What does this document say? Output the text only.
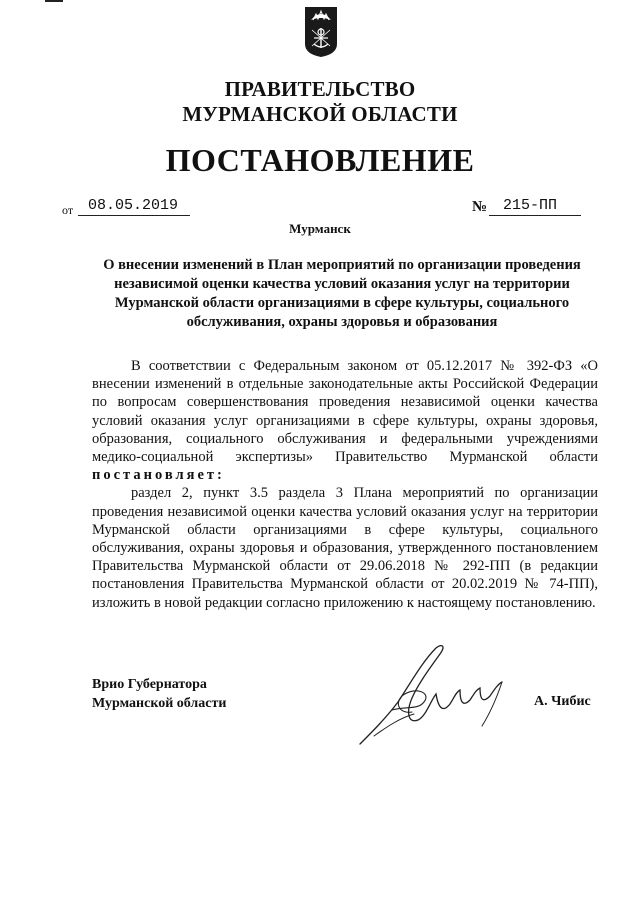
ПРАВИТЕЛЬСТВО
МУРМАНСКОЙ ОБЛАСТИ
ПОСТАНОВЛЕНИЕ
от 08.05.2019	№	215-ПП
Мурманск
О внесении изменений в План мероприятий по организации проведения независимой оценки качества условий оказания услуг на территории Мурманской области организациями в сфере культуры, социального обслуживания, охраны здоровья и образования

В соответствии с Федеральным законом от 05.12.2017 № 392-ФЗ «О внесении изменений в отдельные законодательные акты Российской Федерации по вопросам совершенствования проведения независимой оценки качества условий оказания услуг организациями в сфере культуры, охраны здоровья, образования, социального обслуживания и федеральными учреждениями медико-социальной экспертизы» Правительство Мурманской области постановляет:

раздел 2, пункт 3.5 раздела 3 Плана мероприятий по организации проведения независимой оценки качества условий оказания услуг на территории Мурманской области организациями в сфере культуры, социального обслуживания, охраны здоровья и образования, утвержденного постановлением Правительства Мурманской области от 29.06.2018 № 292-ПП (в редакции постановления Правительства Мурманской области от 20.02.2019 № 74-ПП), изложить в новой редакции согласно приложению к настоящему постановлению.

Врио Губернатора
Мурманской области	А. Чибис
